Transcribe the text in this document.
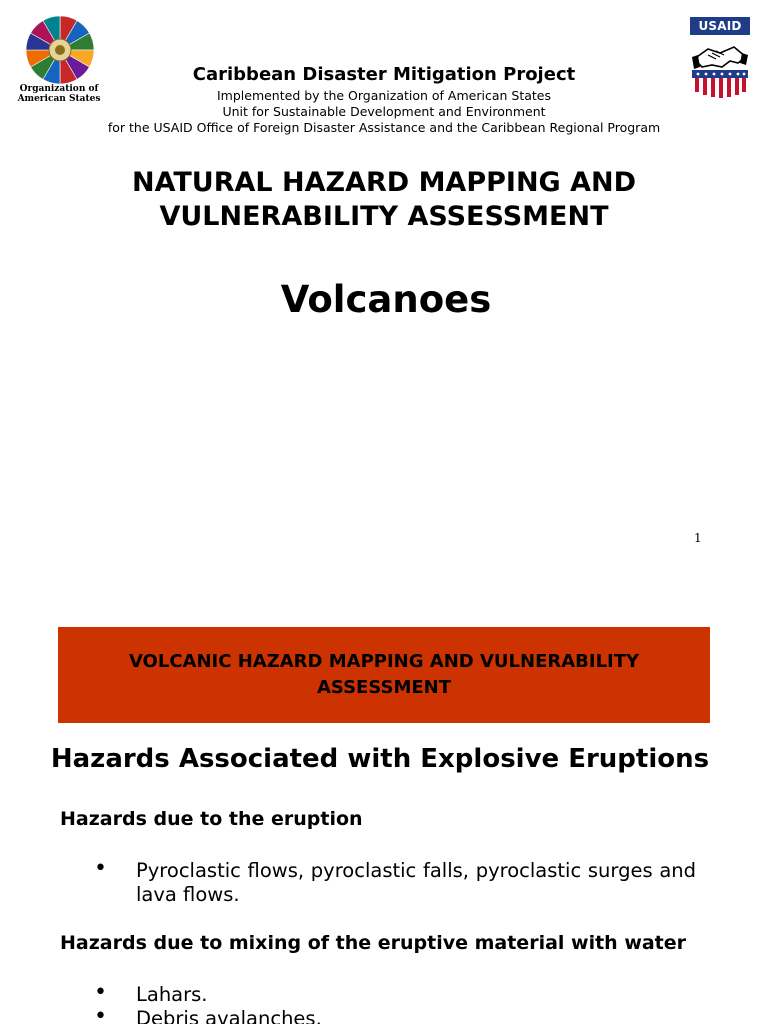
Organization of
American States
USAID
Caribbean Disaster Mitigation Project
Implemented by the Organization of American States
Unit for Sustainable Development and Environment
for the USAID Office of Foreign Disaster Assistance and the Caribbean Regional Program
NATURAL HAZARD MAPPING AND
VULNERABILITY ASSESSMENT
Volcanoes
1
VOLCANIC HAZARD MAPPING AND VULNERABILITY
ASSESSMENT
Hazards Associated with Explosive Eruptions
Hazards due to the eruption
• Pyroclastic flows, pyroclastic falls, pyroclastic surges and lava flows.
Hazards due to mixing of the eruptive material with water
• Lahars.
• Debris avalanches.
